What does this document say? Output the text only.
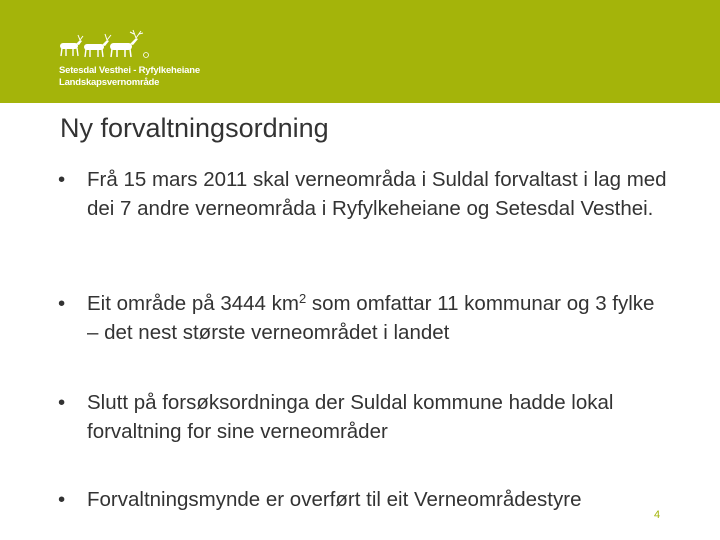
Setesdal Vesthei - Ryfylkeheiane
Landskapsvernområde
Ny forvaltningsordning
• Frå 15 mars 2011 skal verneområda i Suldal forvaltast i lag med dei 7 andre verneområda i Ryfylkeheiane og Setesdal Vesthei.
• Eit område på 3444 $km^2$ som omfattar 11 kommunar og 3 fylke – det nest største verneområdet i landet
• Slutt på forsøksordninga der Suldal kommune hadde lokal forvaltning for sine verneområder
• Forvaltningsmynde er overført til eit Verneområdestyre
4
